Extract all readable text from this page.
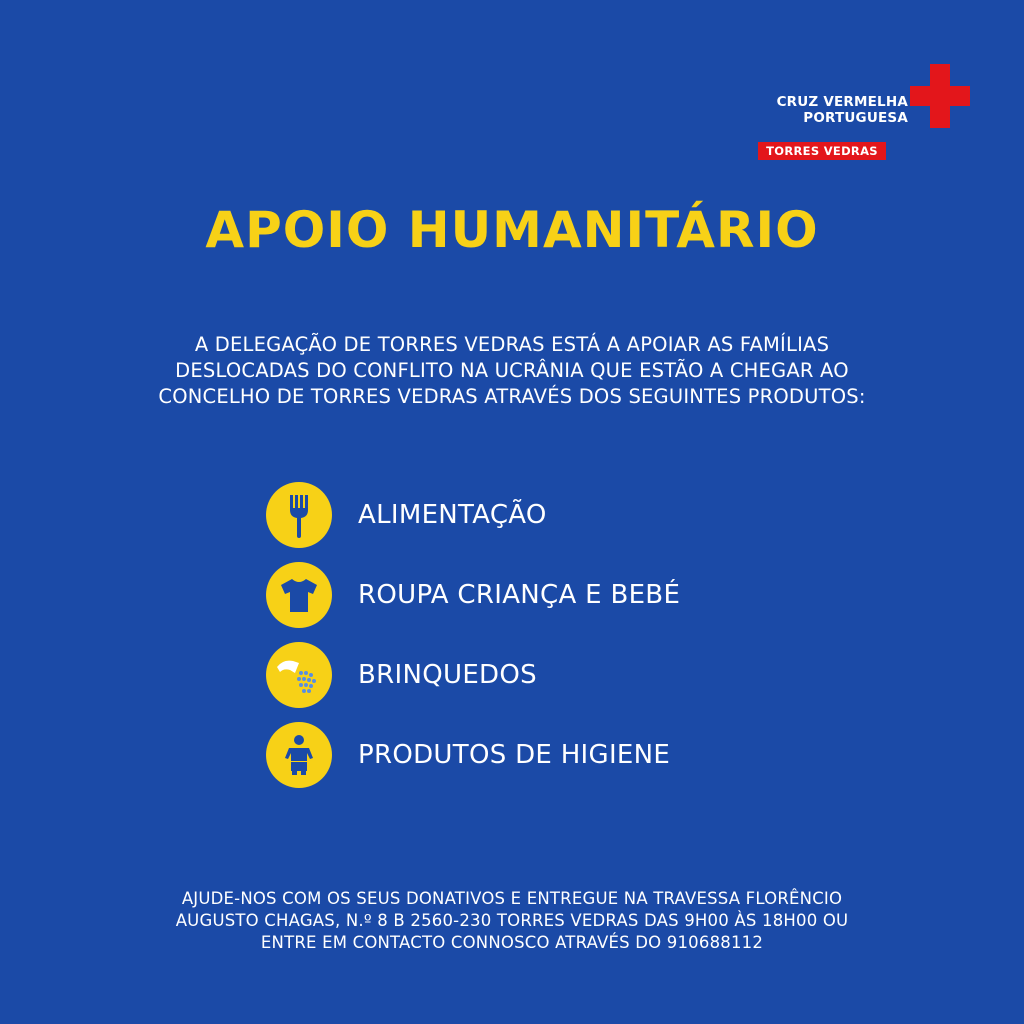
CRUZ VERMELHA
PORTUGUESA
TORRES VEDRAS
APOIO HUMANITÁRIO
A DELEGAÇÃO DE TORRES VEDRAS ESTÁ A APOIAR AS FAMÍLIAS
DESLOCADAS DO CONFLITO NA UCRÂNIA QUE ESTÃO A CHEGAR AO
CONCELHO DE TORRES VEDRAS ATRAVÉS DOS SEGUINTES PRODUTOS:
ALIMENTAÇÃO
ROUPA CRIANÇA E BEBÉ
BRINQUEDOS
PRODUTOS DE HIGIENE
AJUDE-NOS COM OS SEUS DONATIVOS E ENTREGUE NA TRAVESSA FLORÊNCIO
AUGUSTO CHAGAS, N.º 8 B 2560-230 TORRES VEDRAS DAS 9H00 ÀS 18H00 OU
ENTRE EM CONTACTO CONNOSCO ATRAVÉS DO 910688112
